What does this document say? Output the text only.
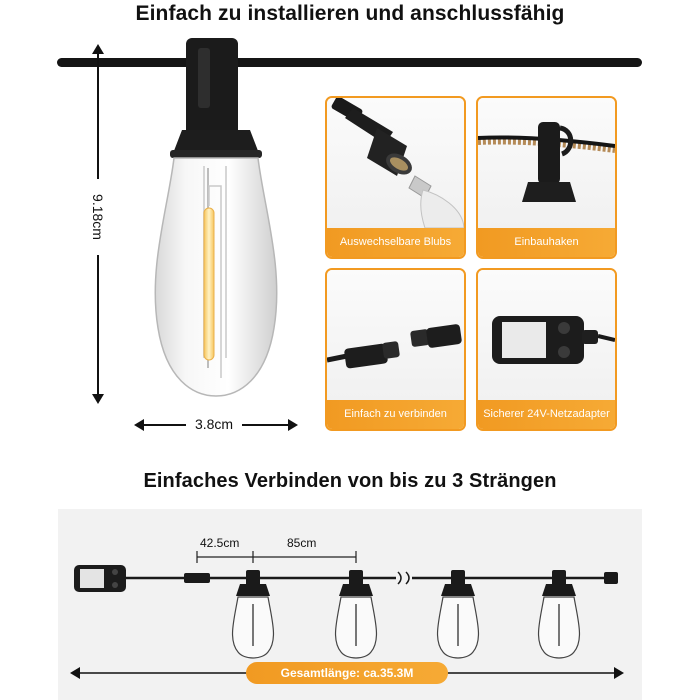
Einfach zu installieren und anschlussfähig
9.18cm
3.8cm
Auswechselbare Blubs	Einbauhaken
Einfach zu verbinden	Sicherer 24V-Netzadapter
Einfaches Verbinden von bis zu 3 Strängen
42.5cm	85cm
Gesamtlänge: ca.35.3M
